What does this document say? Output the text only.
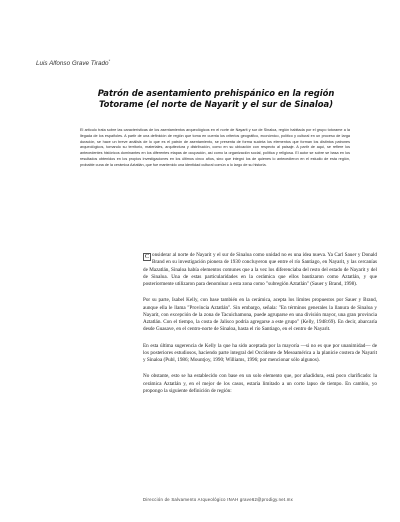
Luis Alfonso Grave Tirado*
Patrón de asentamiento prehispánico en la región
Totorame (el norte de Nayarit y el sur de Sinaloa)

El artículo trata sobre las características de los asentamientos arqueológicos en el norte de Nayarit y sur de Sinaloa, región habitada por el grupo totorame a la llegada de los españoles. A partir de una definición de región que toma en cuenta los criterios geográfico, económico, político y cultural en un proceso de larga duración, se hace un breve análisis de lo que es el patrón de asentamiento, se presenta de forma sucinta los elementos que forman los distintos patrones arqueológicos, tomando su territorio, materiales, arquitectura y distribución, como en su ubicación con respecto al paisaje. A partir de aquí, se refiere los antecedentes históricos dominantes en los diferentes etapas de ocupación, así como la organización social, política y religiosa. El autor se sobre se basa en los resultados obtenidos en los propios investigaciones en los últimos cinco años, sino que integró los de quienes lo antecedieron en el estudio de esta región, probable cuna de la cerámica Aztatlán, que fue mantenido una identidad cultural común a lo largo de su historia.

C onsiderar al norte de Nayarit y el sur de Sinaloa como unidad no es una idea nueva. Ya Carl Sauer y Donald Brand en su investigación pionera de 1930 concluyeron que entre el río Santiago, en Nayarit, y las cercanías de Mazatlán, Sinaloa había elementos comunes que a la vez los diferenciaba del resto del estado de Nayarit y del de Sinaloa. Una de estas particularidades en la cerámica que ellos bautizaron como Aztatlán, y que posteriormente utilizaron para denominar a esta zona como "subregión Aztatlán" (Sauer y Brand, 1998).

Por su parte, Isabel Kelly, con base también en la cerámica, acepta los límites propuestos por Sauer y Brand, aunque ella le llama "Provincia Aztatlán". Sin embargo, señala: "En términos generales la llanura de Sinaloa y Nayarit, con excepción de la zona de Tacuichamona, puede agruparse en una división mayor, una gran provincia Aztatlán. Con el tiempo, la costa de Jalisco podría agregarse a este grupo" (Kelly, 1948:69). En decir, abarcaría desde Guasave, en el centro-norte de Sinaloa, hasta el río Santiago, en el centro de Nayarit.

En esta última sugerencia de Kelly la que ha sido aceptada por la mayoría —si no es que por unanimidad— de los posteriores estudiosos, haciendo parte integral del Occidente de Mesoamérica a la planicie costera de Nayarit y Sinaloa (Publ, 1986; Mountjoy, 1990; Williams, 1996; por mencionar sólo algunos).

No obstante, esto se ha establecido con base en un solo elemento que, por añadidura, está poco clarificado: la cerámica Aztatlán y, en el mejor de los casos, estaría limitado a un corto lapso de tiempo. En cambio, yo propongo la siguiente definición de región:

Dirección de Salvamento Arqueológico INAH grave62@prodigy.net.mx
